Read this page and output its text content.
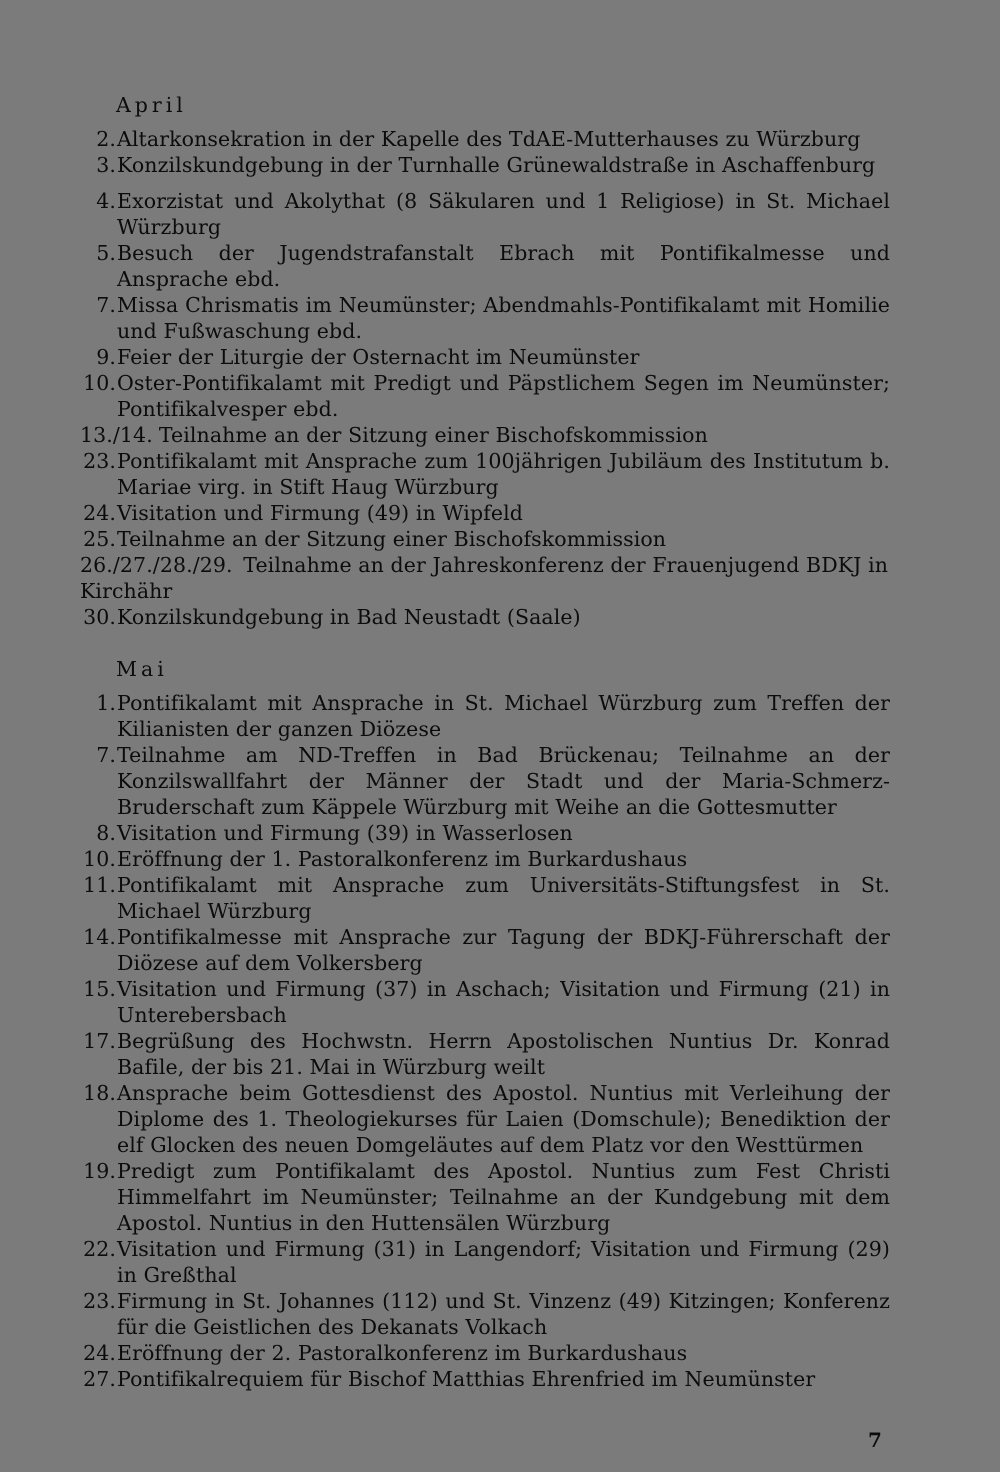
April
2. Altarkonsekration in der Kapelle des TdAE-Mutterhauses zu Würzburg
3. Konzilskundgebung in der Turnhalle Grünewaldstraße in Aschaffenburg
4. Exorzistat und Akolythat (8 Säkularen und 1 Religiose) in St. Michael Würzburg
5. Besuch der Jugendstrafanstalt Ebrach mit Pontifikalmesse und Ansprache ebd.
7. Missa Chrismatis im Neumünster; Abendmahls-Pontifikalamt mit Homilie und Fußwaschung ebd.
9. Feier der Liturgie der Osternacht im Neumünster
10. Oster-Pontifikalamt mit Predigt und Päpstlichem Segen im Neumünster; Pontifikalvesper ebd.
13./14. Teilnahme an der Sitzung einer Bischofskommission
23. Pontifikalamt mit Ansprache zum 100jährigen Jubiläum des Institutum b. Mariae virg. in Stift Haug Würzburg
24. Visitation und Firmung (49) in Wipfeld
25. Teilnahme an der Sitzung einer Bischofskommission
26./27./28./29. Teilnahme an der Jahreskonferenz der Frauenjugend BDKJ in Kirchähr
30. Konzilskundgebung in Bad Neustadt (Saale)
Mai
1. Pontifikalamt mit Ansprache in St. Michael Würzburg zum Treffen der Kilianisten der ganzen Diözese
7. Teilnahme am ND-Treffen in Bad Brückenau; Teilnahme an der Konzilswallfahrt der Männer der Stadt und der Maria-Schmerz-Bruderschaft zum Käppele Würzburg mit Weihe an die Gottesmutter
8. Visitation und Firmung (39) in Wasserlosen
10. Eröffnung der 1. Pastoralkonferenz im Burkardushaus
11. Pontifikalamt mit Ansprache zum Universitäts-Stiftungsfest in St. Michael Würzburg
14. Pontifikalmesse mit Ansprache zur Tagung der BDKJ-Führerschaft der Diözese auf dem Volkersberg
15. Visitation und Firmung (37) in Aschach; Visitation und Firmung (21) in Unterebersbach
17. Begrüßung des Hochwstn. Herrn Apostolischen Nuntius Dr. Konrad Bafile, der bis 21. Mai in Würzburg weilt
18. Ansprache beim Gottesdienst des Apostol. Nuntius mit Verleihung der Diplome des 1. Theologiekurses für Laien (Domschule); Benediktion der elf Glocken des neuen Domgeläutes auf dem Platz vor den Westtürmen
19. Predigt zum Pontifikalamt des Apostol. Nuntius zum Fest Christi Himmelfahrt im Neumünster; Teilnahme an der Kundgebung mit dem Apostol. Nuntius in den Huttensälen Würzburg
22. Visitation und Firmung (31) in Langendorf; Visitation und Firmung (29) in Greßthal
23. Firmung in St. Johannes (112) und St. Vinzenz (49) Kitzingen; Konferenz für die Geistlichen des Dekanats Volkach
24. Eröffnung der 2. Pastoralkonferenz im Burkardushaus
27. Pontifikalrequiem für Bischof Matthias Ehrenfried im Neumünster
7
